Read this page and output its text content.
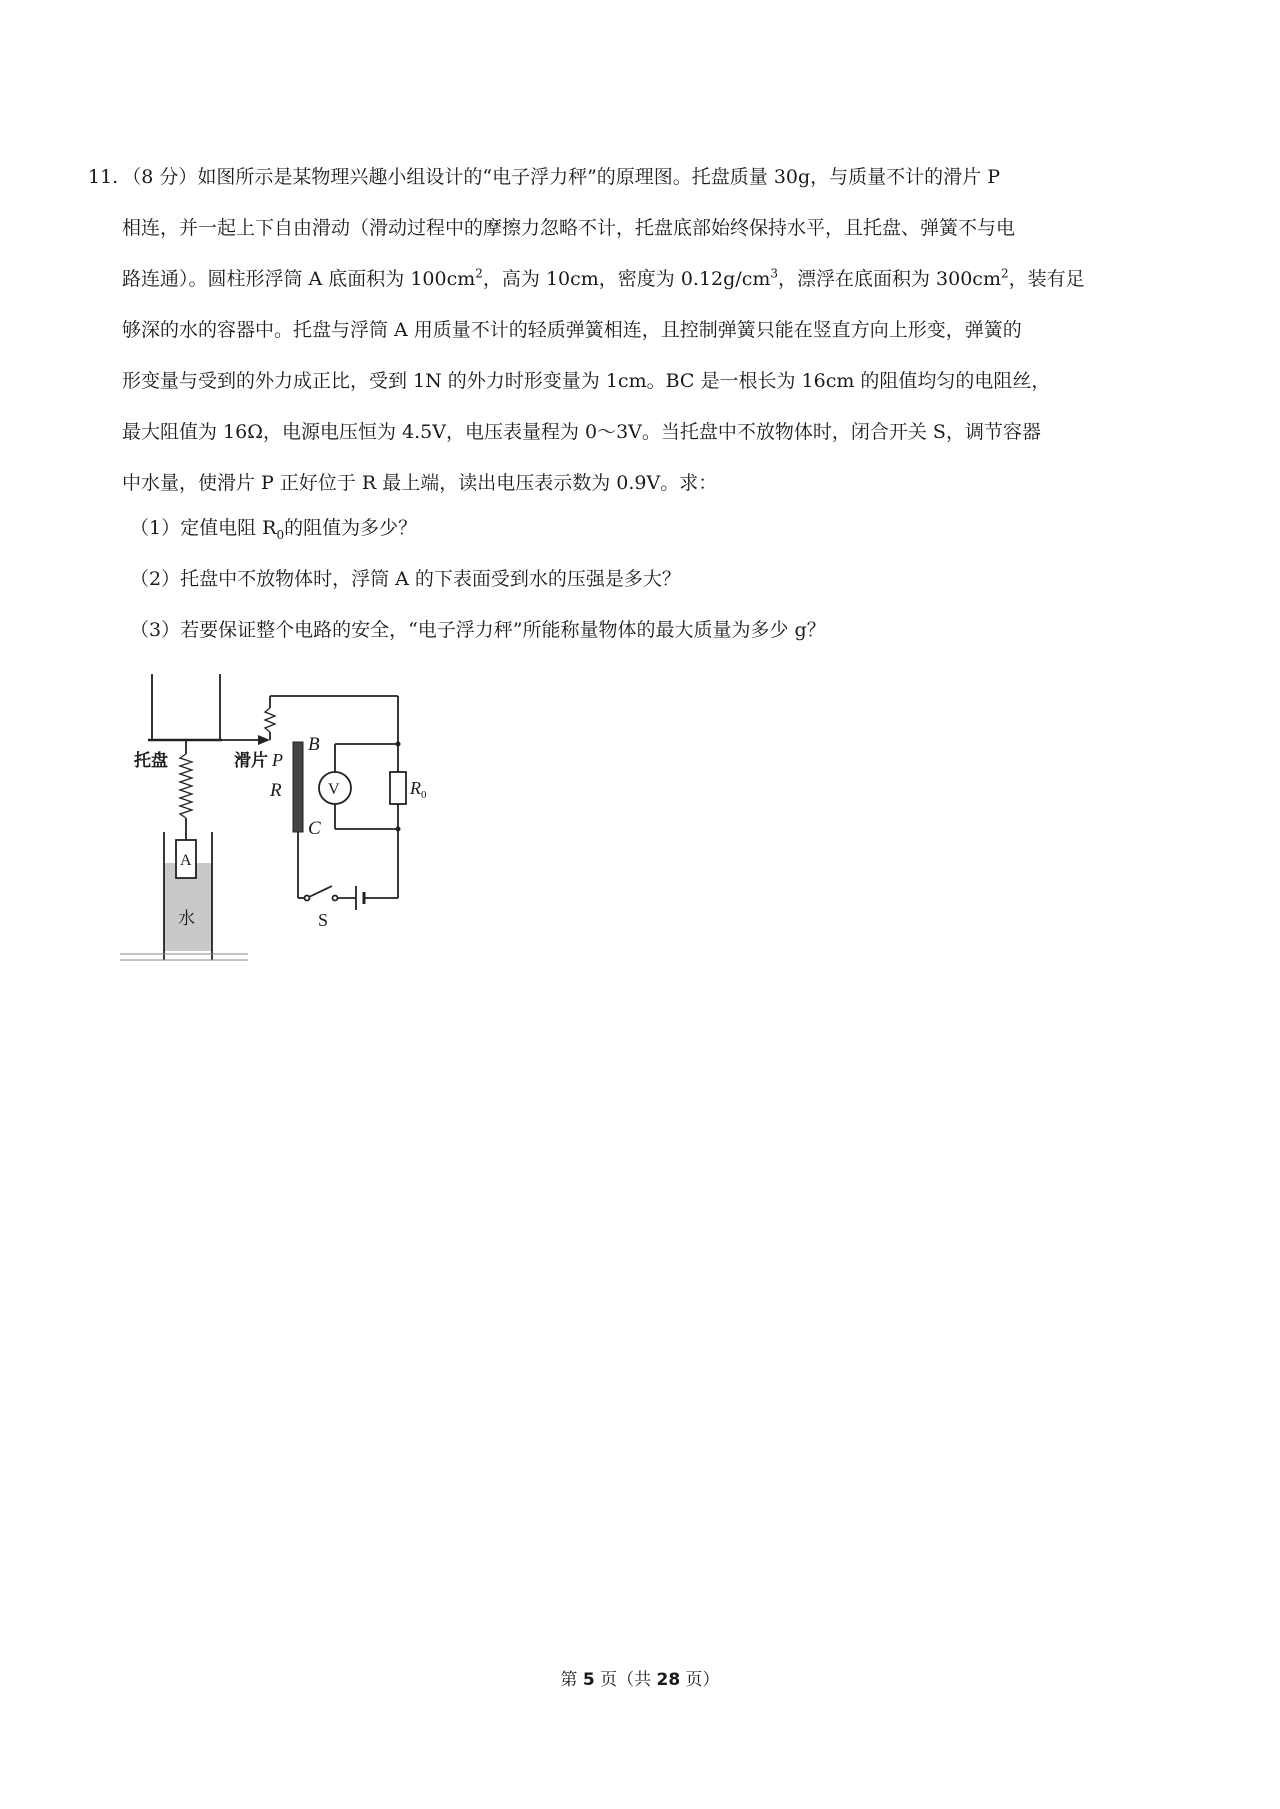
11. （8 分）如图所示是某物理兴趣小组设计的“电子浮力秤”的原理图。托盘质量 30g，与质量不计的滑片 P
相连，并一起上下自由滑动（滑动过程中的摩擦力忽略不计，托盘底部始终保持水平，且托盘、弹簧不与电
路连通）。圆柱形浮筒 A 底面积为 $100cm^2$，高为 10cm，密度为 $0.12g/cm^3$，漂浮在底面积为 $300cm^2$，装有足
够深的水的容器中。托盘与浮筒 A 用质量不计的轻质弹簧相连，且控制弹簧只能在竖直方向上形变，弹簧的
形变量与受到的外力成正比，受到 1N 的外力时形变量为 1cm。BC 是一根长为 16cm 的阻值均匀的电阻丝，
最大阻值为 16Ω，电源电压恒为 4.5V，电压表量程为 0～3V。当托盘中不放物体时，闭合开关 S，调节容器
中水量，使滑片 P 正好位于 R 最上端，读出电压表示数为 0.9V。求：
（1）定值电阻 $R_0$的阻值为多少？
（2）托盘中不放物体时，浮筒 A 的下表面受到水的压强是多大？
（3）若要保证整个电路的安全，“电子浮力秤”所能称量物体的最大质量为多少 g？
托盘	滑片 P
B
R
C
V	$R_0$
A
水	S
第 5 页（共 28 页）
